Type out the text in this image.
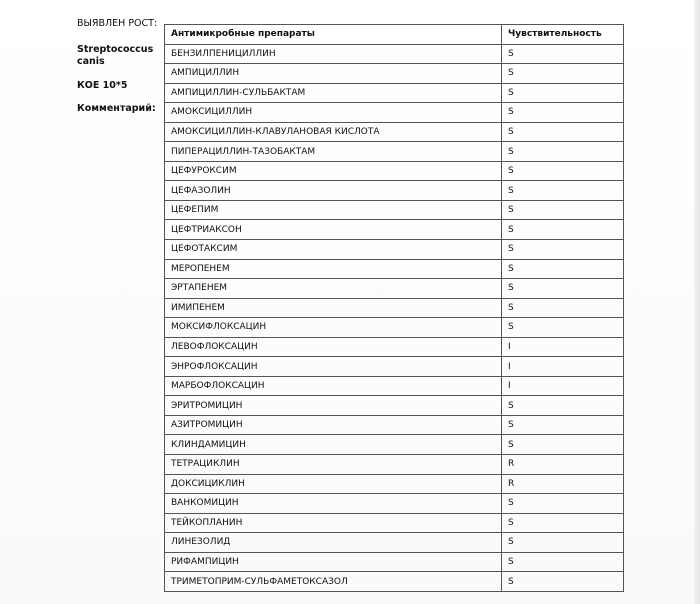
ВЫЯВЛЕН РОСТ:
Streptococcus canis
КОЕ 10*5
Комментарий:
Антимикробные препараты	Чувствительность
БЕНЗИЛПЕНИЦИЛЛИН	S
АМПИЦИЛЛИН	S
АМПИЦИЛЛИН-СУЛЬБАКТАМ	S
АМОКСИЦИЛЛИН	S
АМОКСИЦИЛЛИН-КЛАВУЛАНОВАЯ КИСЛОТА	S
ПИПЕРАЦИЛЛИН-ТАЗОБАКТАМ	S
ЦЕФУРОКСИМ	S
ЦЕФАЗОЛИН	S
ЦЕФЕПИМ	S
ЦЕФТРИАКСОН	S
ЦЕФОТАКСИМ	S
МЕРОПЕНЕМ	S
ЭРТАПЕНЕМ	S
ИМИПЕНЕМ	S
МОКСИФЛОКСАЦИН	S
ЛЕВОФЛОКСАЦИН	I
ЭНРОФЛОКСАЦИН	I
МАРБОФЛОКСАЦИН	I
ЭРИТРОМИЦИН	S
АЗИТРОМИЦИН	S
КЛИНДАМИЦИН	S
ТЕТРАЦИКЛИН	R
ДОКСИЦИКЛИН	R
ВАНКОМИЦИН	S
ТЕЙКОПЛАНИН	S
ЛИНЕЗОЛИД	S
РИФАМПИЦИН	S
ТРИМЕТОПРИМ-СУЛЬФАМЕТОКСАЗОЛ	S
